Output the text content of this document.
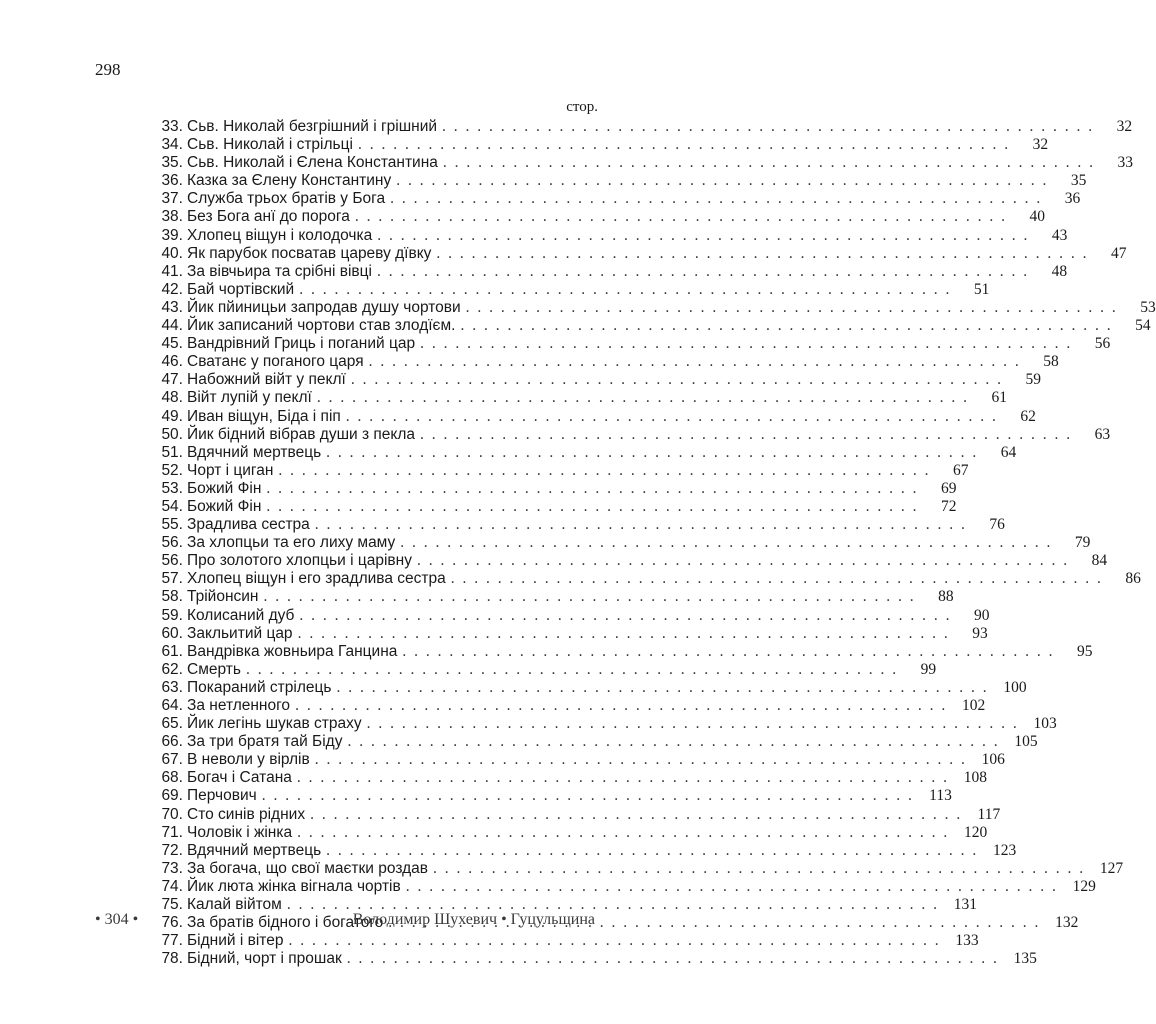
298
стор.
33. Сьв. Николай безгрішний і грішний . . .	32
34. Сьв. Николай і стрільці . . .	32
35. Сьв. Николай і Єлена Константина . . .	33
36. Казка за Єлену Константину . . .	35
37. Служба трьох братів у Бога . . .	36
38. Без Бога анї до порога . . .	40
39. Хлопец віщун і колодочка . . .	43
40. Як парубок посватав цареву дївку . . .	47
41. За вівчьира та срібні вівці . . .	48
42. Бай чортівский . . .	51
43. Йик пйиницьи запродав душу чортови . . .	53
44. Йик записаний чортови став злодїєм. . . .	54
45. Вандрівний Гриць і поганий цар . . .	56
46. Сватанє у поганого царя . . .	58
47. Набожний війт у пеклї . . .	59
48. Війт лупій у пеклї . . .	61
49. Иван віщун, Біда і піп . . .	62
50. Йик бідний вібрав души з пекла . . .	63
51. Вдячний мертвець . . .	64
52. Чорт і циган . . .	67
53. Божий Фін . . .	69
54. Божий Фін . . .	72
55. Зрадлива сестра . . .	76
56. За хлопцьи та его лиху маму . . .	79
56. Про золотого хлопцьи і царівну . . .	84
57. Хлопец віщун і его зрадлива сестра . . .	86
58. Трійонсин . . .	88
59. Колисаний дуб . . .	90
60. Закльитий цар . . .	93
61. Вандрівка жовньира Ганцина . . .	95
62. Смерть . . .	99
63. Покараний стрілець . . .	100
64. За нетленного . . .	102
65. Йик легінь шукав страху . . .	103
66. За три братя тай Біду . . .	105
67. В неволи у вірлів . . .	106
68. Богач і Сатана . . .	108
69. Перчович . . .	113
70. Сто синів рідних . . .	117
71. Чоловік і жінка . . .	120
72. Вдячний мертвець . . .	123
73. За богача, що свої маєтки роздав . . .	127
74. Йик люта жінка вігнала чортів . . .	129
75. Калай війтом . . .	131
76. За братів бідного і богатого . . .	132
77. Бідний і вітер . . .	133
78. Бідний, чорт і прошак . . .	135
• 304 •	Володимир Шухевич • Гуцульщина
